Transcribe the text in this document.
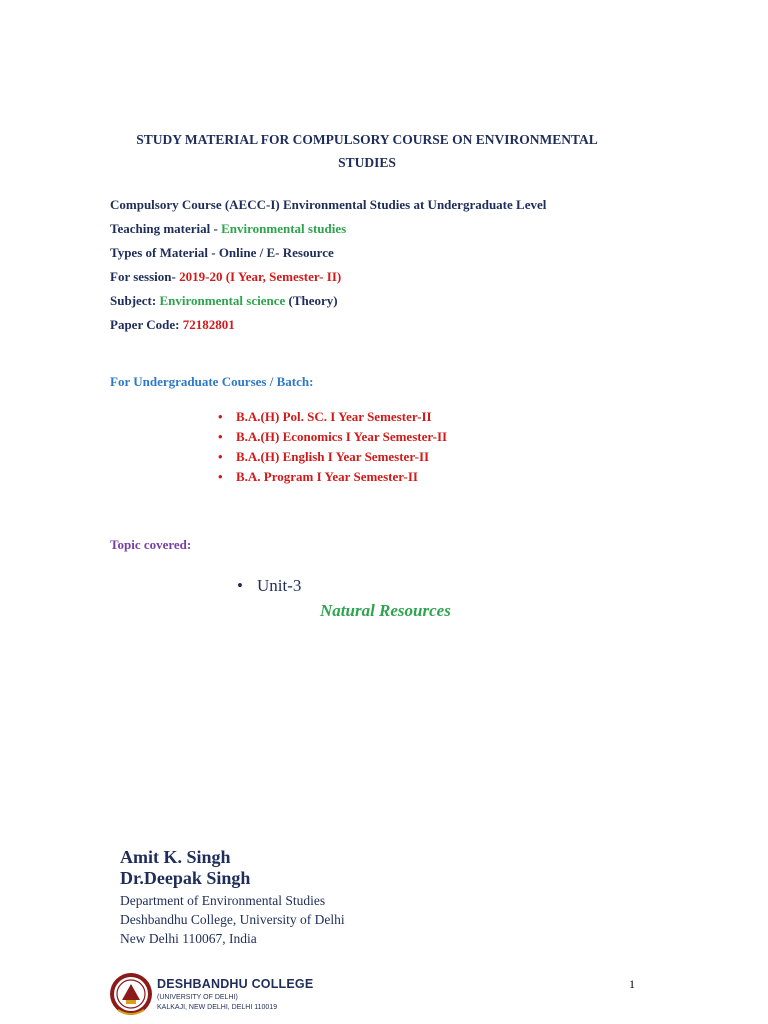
STUDY MATERIAL FOR COMPULSORY COURSE ON ENVIRONMENTAL
STUDIES
Compulsory Course (AECC-I) Environmental Studies at Undergraduate Level
Teaching material - Environmental studies
Types of Material - Online / E- Resource
For session- 2019-20 (I Year, Semester- II)
Subject: Environmental science (Theory)
Paper Code: 72182801
For Undergraduate Courses / Batch:
• B.A.(H) Pol. SC. I Year Semester-II
• B.A.(H) Economics I Year Semester-II
• B.A.(H) English I Year Semester-II
• B.A. Program I Year Semester-II
Topic covered:
• Unit-3
Natural Resources
Amit K. Singh
Dr.Deepak Singh
Department of Environmental Studies
Deshbandhu College, University of Delhi
New Delhi 110067, India
1
DESHBANDHU COLLEGE
(UNIVERSITY OF DELHI)
KALKAJI, NEW DELHI, DELHI 110019
